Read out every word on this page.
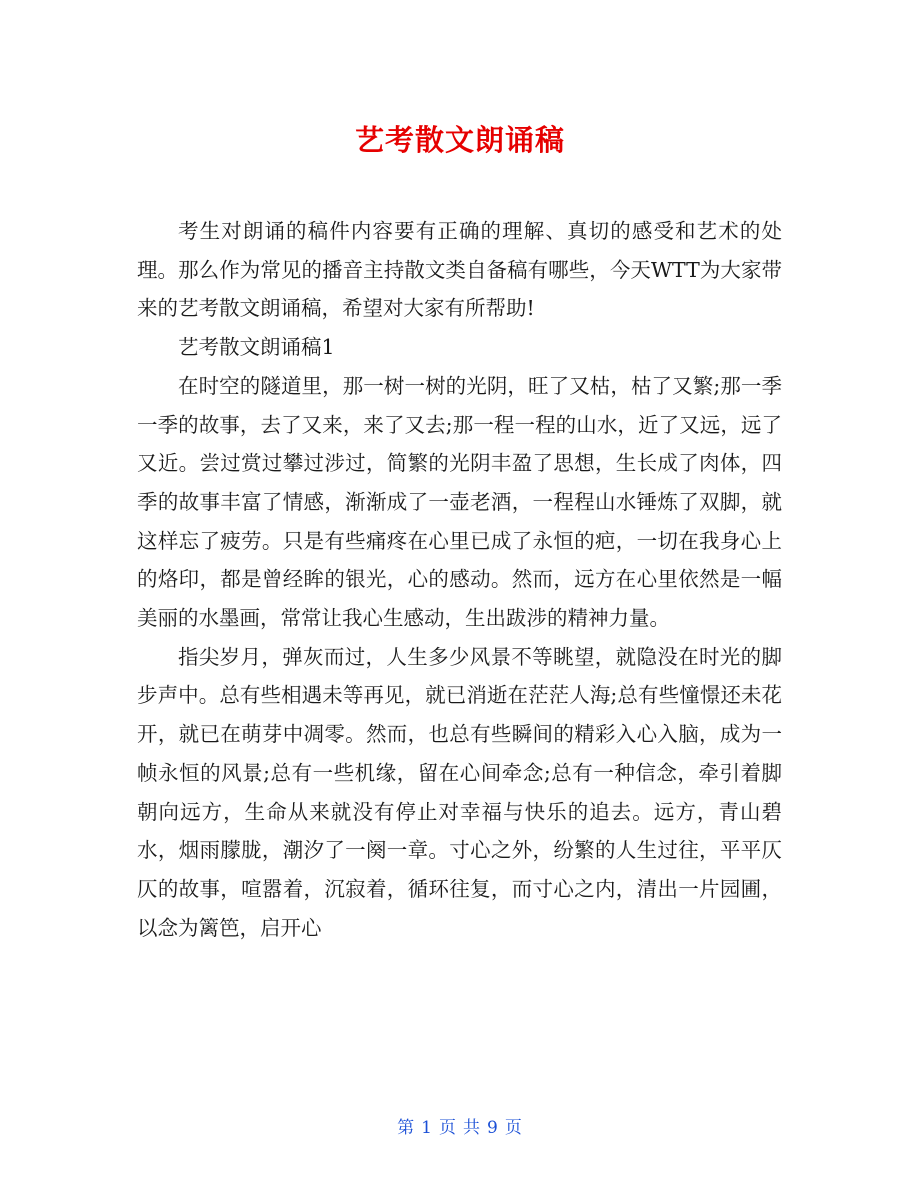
艺考散文朗诵稿

考生对朗诵的稿件内容要有正确的理解、真切的感受和艺术的处理。那么作为常见的播音主持散文类自备稿有哪些，今天WTT为大家带来的艺考散文朗诵稿，希望对大家有所帮助!

艺考散文朗诵稿1

在时空的隧道里，那一树一树的光阴，旺了又枯，枯了又繁;那一季一季的故事，去了又来，来了又去;那一程一程的山水，近了又远，远了又近。尝过赏过攀过涉过，简繁的光阴丰盈了思想，生长成了肉体，四季的故事丰富了情感，渐渐成了一壶老酒，一程程山水锤炼了双脚，就这样忘了疲劳。只是有些痛疼在心里已成了永恒的疤，一切在我身心上的烙印，都是曾经眸的银光，心的感动。然而，远方在心里依然是一幅美丽的水墨画，常常让我心生感动，生出跋涉的精神力量。

指尖岁月，弹灰而过，人生多少风景不等眺望，就隐没在时光的脚步声中。总有些相遇未等再见，就已消逝在茫茫人海;总有些憧憬还未花开，就已在萌芽中凋零。然而，也总有些瞬间的精彩入心入脑，成为一帧永恒的风景;总有一些机缘，留在心间牵念;总有一种信念，牵引着脚朝向远方，生命从来就没有停止对幸福与快乐的追去。远方，青山碧水，烟雨朦胧，潮汐了一阕一章。寸心之外，纷繁的人生过往，平平仄仄的故事，喧嚣着，沉寂着，循环往复，而寸心之内，清出一片园圃，以念为篱笆，启开心

第 1 页 共 9 页
